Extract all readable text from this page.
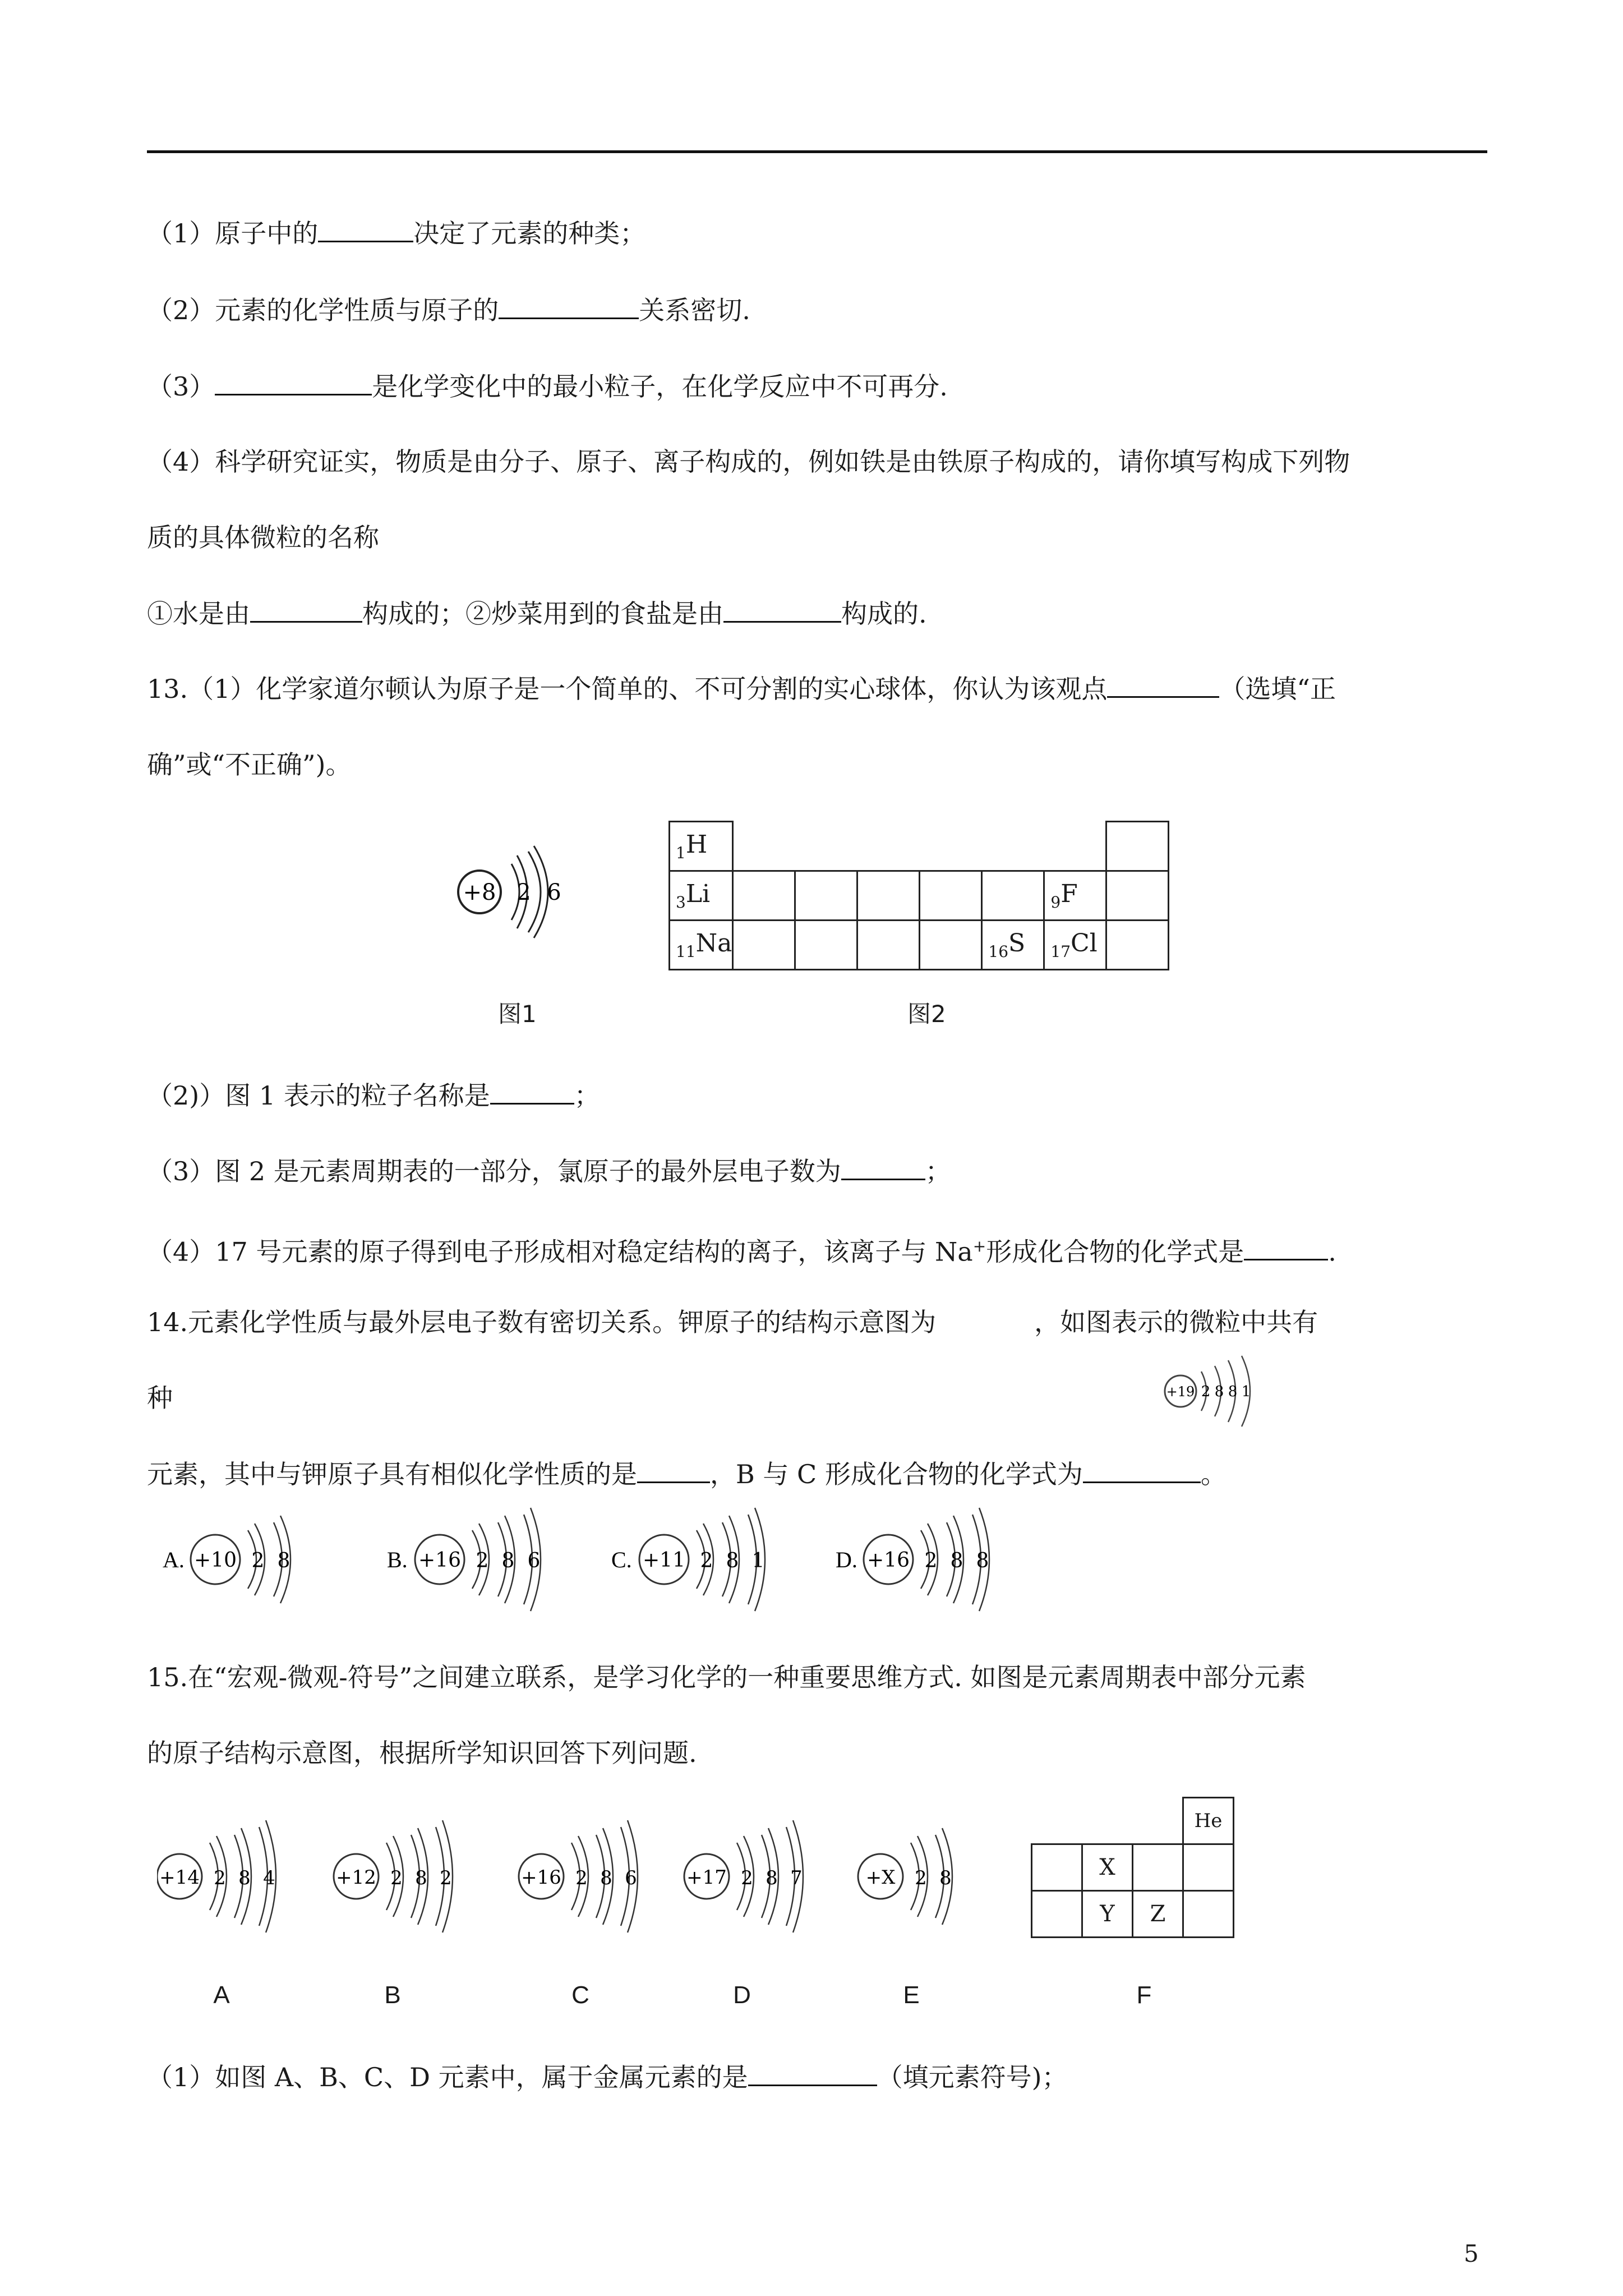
（1）原子中的	决定了元素的种类；
（2）元素的化学性质与原子的	关系密切.
（3）	是化学变化中的最小粒子，在化学反应中不可再分.
（4）科学研究证实，物质是由分子、原子、离子构成的，例如铁是由铁原子构成的，请你填写构成下列物
质的具体微粒的名称
①水是由	构成的；②炒菜用到的食盐是由	构成的.
13.（1）化学家道尔顿认为原子是一个简单的、不可分割的实心球体，你认为该观点	（选填“正
确”或“不正确”)。
+8 2 6
图1
$_1$H							
$_3$Li						$_9$F	
$_{11}$Na					$_{16}$S	$_{17}$Cl	
图2
（2)）图 1 表示的粒子名称是	；
（3）图 2 是元素周期表的一部分，氯原子的最外层电子数为	；
（4）17 号元素的原子得到电子形成相对稳定结构的离子，该离子与 Na+形成化合物的化学式是	.
14.元素化学性质与最外层电子数有密切关系。钾原子的结构示意图为	，如图表示的微粒中共有
种	+19 2 8 8 1
元素，其中与钾原子具有相似化学性质的是	，B 与 C 形成化合物的化学式为	。
A. +10 2 8	B. +16 2 8 6	C. +11 2 8 1	D. +16 2 8 8
15.在“宏观-微观-符号”之间建立联系，是学习化学的一种重要思维方式. 如图是元素周期表中部分元素
的原子结构示意图，根据所学知识回答下列问题.
+14 2 8 4	+12 2 8 2	+16 2 8 6	+17 2 8 7	+X 2 8
A	B	C	D	E	F
			He
	X		
	Y	Z	
（1）如图 A、B、C、D 元素中，属于金属元素的是	（填元素符号)；
5
